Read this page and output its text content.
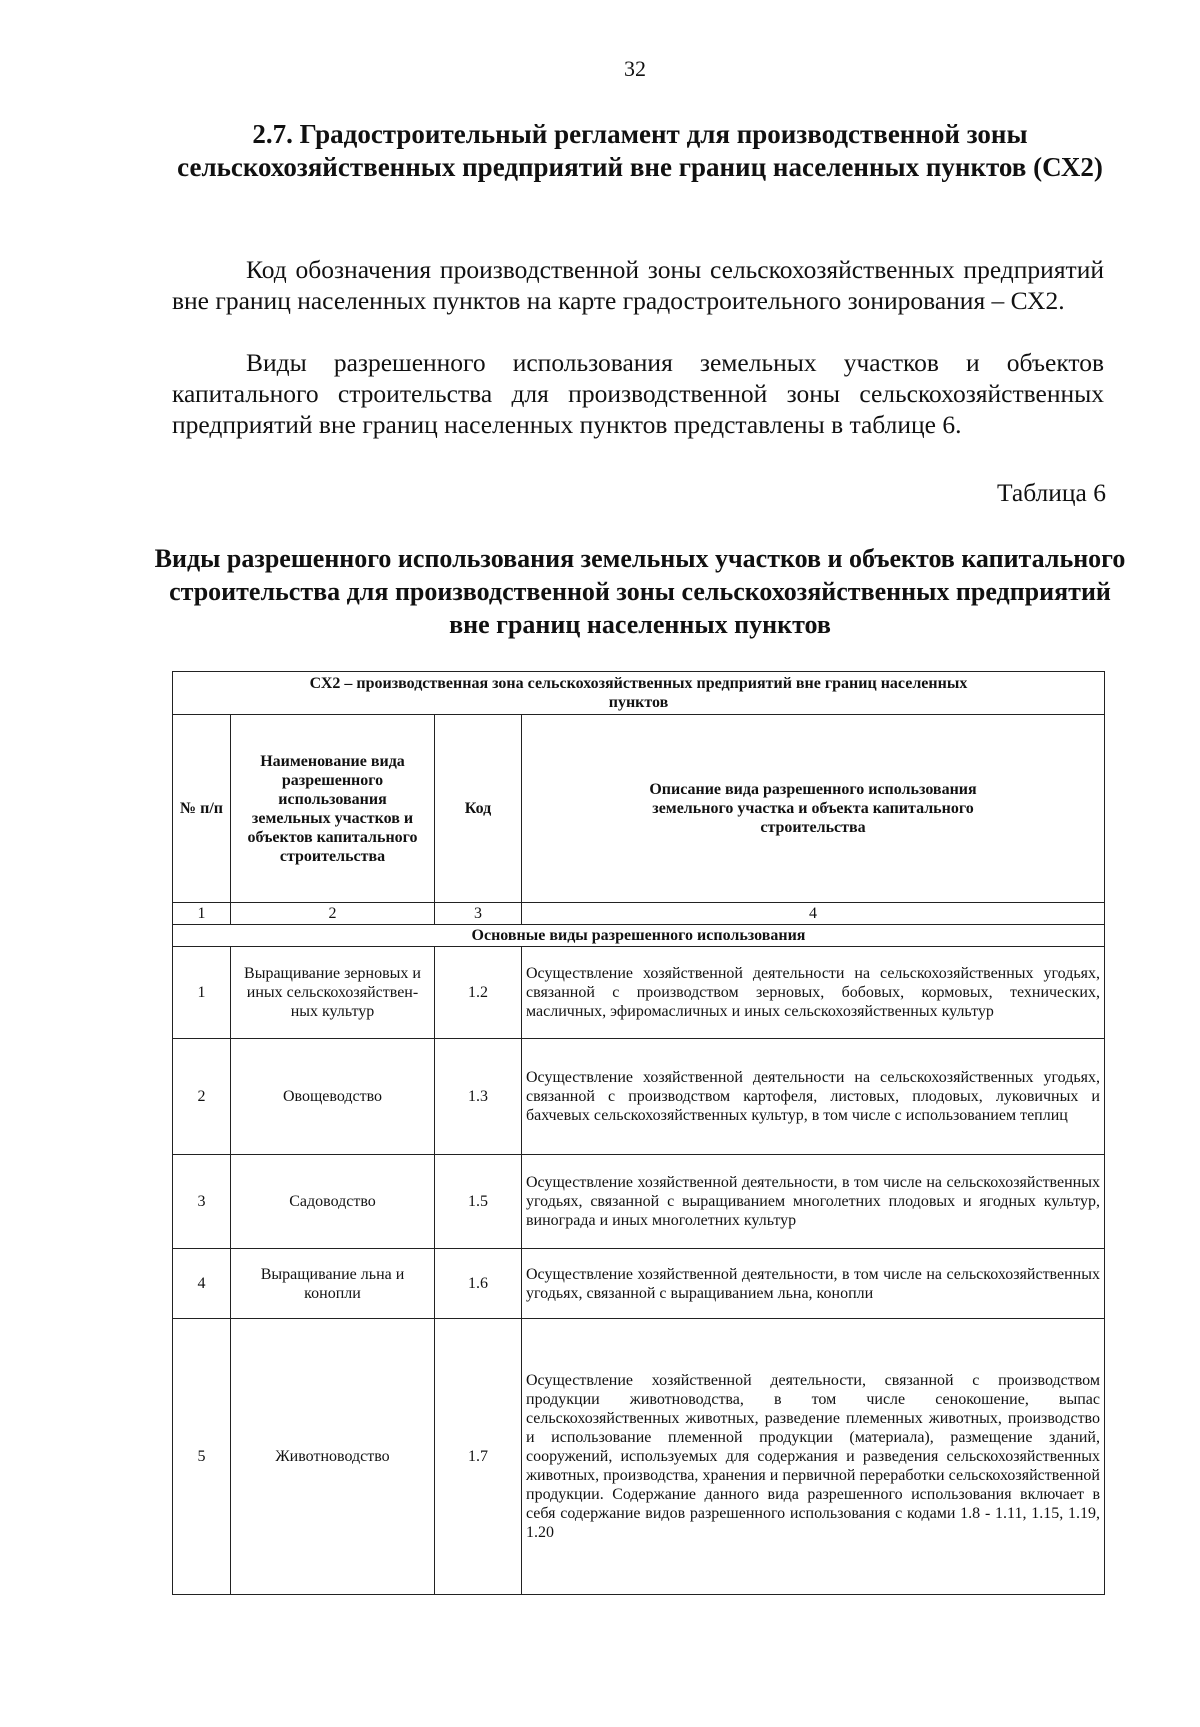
32
2.7. Градостроительный регламент для производственной зоны сельскохозяйственных предприятий вне границ населенных пунктов (СХ2)

Код обозначения производственной зоны сельскохозяйственных предприятий вне границ населенных пунктов на карте градостроительного зонирования – СХ2.

Виды разрешенного использования земельных участков и объектов капитального строительства для производственной зоны сельскохозяйственных предприятий вне границ населенных пунктов представлены в таблице 6.

Таблица 6
Виды разрешенного использования земельных участков и объектов капитального строительства для производственной зоны сельскохозяйственных предприятий вне границ населенных пунктов
СХ2 – производственная зона сельскохозяйственных предприятий вне границ населенных пунктов			
№ п/п	Наименование вида разрешенного использования земельных участков и объектов капитального строительства	Код	Описание вида разрешенного использования земельного участка и объекта капитального строительства
1	2	3	4
Основные виды разрешенного использования			
1	Выращивание зерновых и иных сельскохозяйствен-ных культур	1.2	Осуществление хозяйственной деятельности на сельскохозяйственных угодьях, связанной с производством зерновых, бобовых, кормовых, технических, масличных, эфиромасличных и иных сельскохозяйственных культур
2	Овощеводство	1.3	Осуществление хозяйственной деятельности на сельскохозяйственных угодьях, связанной с производством картофеля, листовых, плодовых, луковичных и бахчевых сельскохозяйственных культур, в том числе с использованием теплиц
3	Садоводство	1.5	Осуществление хозяйственной деятельности, в том числе на сельскохозяйственных угодьях, связанной с выращиванием многолетних плодовых и ягодных культур, винограда и иных многолетних культур
4	Выращивание льна и конопли	1.6	Осуществление хозяйственной деятельности, в том числе на сельскохозяйственных угодьях, связанной с выращиванием льна, конопли
5	Животноводство	1.7	Осуществление хозяйственной деятельности, связанной с производством продукции животноводства, в том числе сенокошение, выпас сельскохозяйственных животных, разведение племенных животных, производство и использование племенной продукции (материала), размещение зданий, сооружений, используемых для содержания и разведения сельскохозяйственных животных, производства, хранения и первичной переработки сельскохозяйственной продукции. Содержание данного вида разрешенного использования включает в себя содержание видов разрешенного использования с кодами 1.8 - 1.11, 1.15, 1.19, 1.20
